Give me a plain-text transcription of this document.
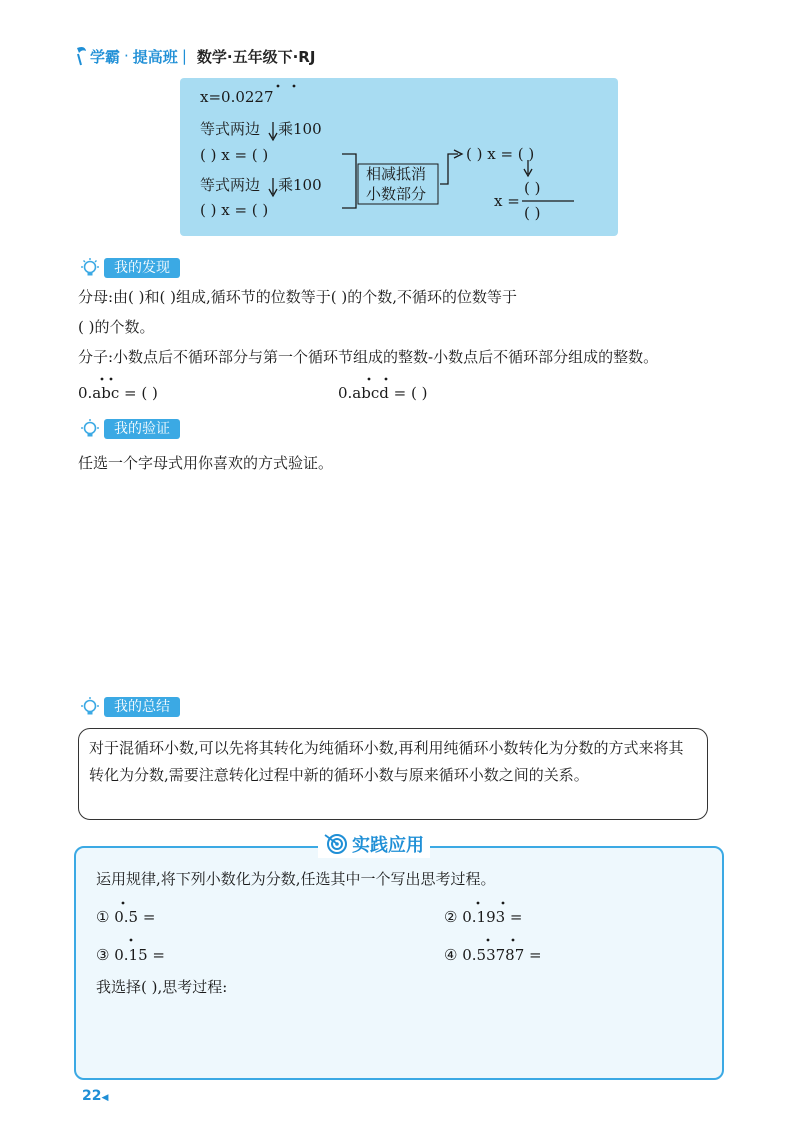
学霸 · 提高班 | 数学·五年级下·RJ
x=0.0227
等式两边 乘100
( ) x = ( )
等式两边 乘100
( ) x = ( )
相减抵消
小数部分
( ) x = ( )
x =
( )
( )
我的发现
分母:由( )和( )组成,循环节的位数等于( )的个数,不循环的位数等于
( )的个数。
分子:小数点后不循环部分与第一个循环节组成的整数-小数点后不循环部分组成的整数。
0.abc = ( )	0.abcd = ( )
我的验证
任选一个字母式用你喜欢的方式验证。
我的总结
对于混循环小数,可以先将其转化为纯循环小数,再利用纯循环小数转化为分数的方式来将其转化为分数,需要注意转化过程中新的循环小数与原来循环小数之间的关系。
实践应用
运用规律,将下列小数化为分数,任选其中一个写出思考过程。
① 0.5 =	② 0.193 =
③ 0.15 =	④ 0.53787 =
我选择( ),思考过程:
22◀
